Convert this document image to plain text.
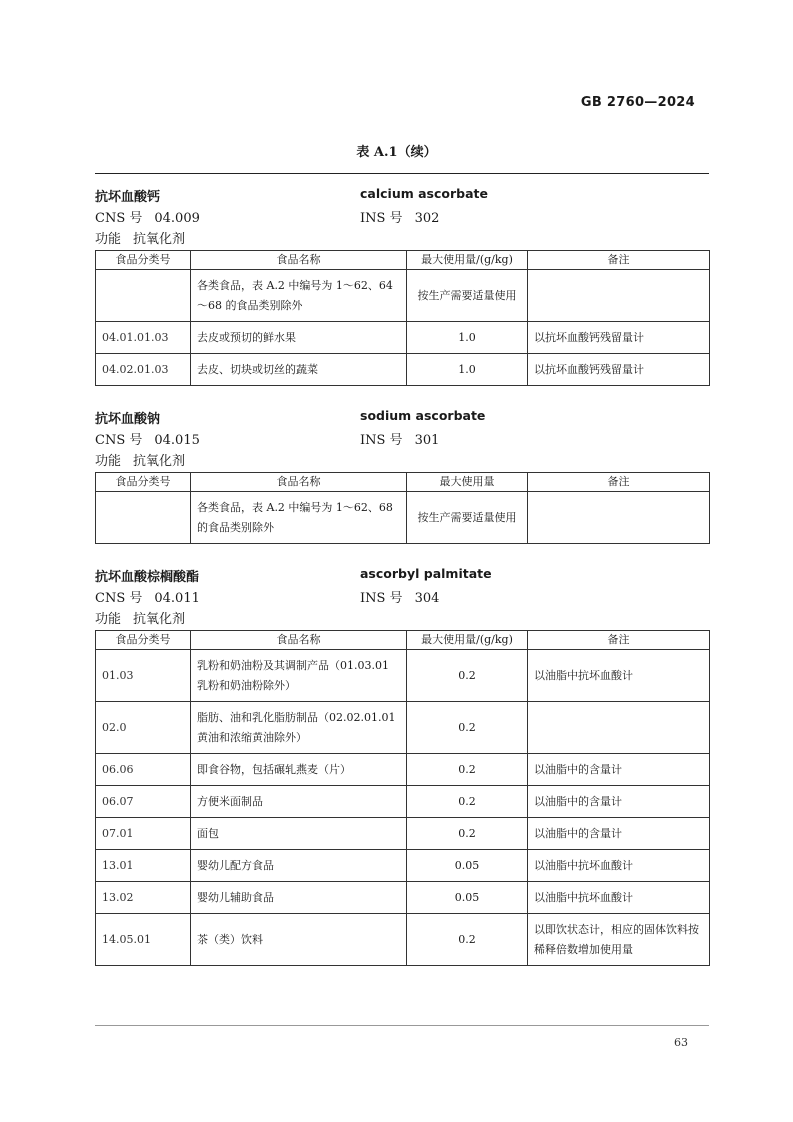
GB 2760—2024
表 A.1（续）
抗坏血酸钙	calcium ascorbate
CNS 号 04.009	INS 号 302
功能 抗氧化剂
食品分类号	食品名称	最大使用量/(g/kg)	备注
	各类食品，表 A.2 中编号为 1～62、64～68 的食品类别除外	按生产需要适量使用	
04.01.01.03	去皮或预切的鲜水果	1.0	以抗坏血酸钙残留量计
04.02.01.03	去皮、切块或切丝的蔬菜	1.0	以抗坏血酸钙残留量计
抗坏血酸钠	sodium ascorbate
CNS 号 04.015	INS 号 301
功能 抗氧化剂
食品分类号	食品名称	最大使用量	备注
	各类食品，表 A.2 中编号为 1～62、68 的食品类别除外	按生产需要适量使用	
抗坏血酸棕榈酸酯	ascorbyl palmitate
CNS 号 04.011	INS 号 304
功能 抗氧化剂
食品分类号	食品名称	最大使用量/(g/kg)	备注
01.03	乳粉和奶油粉及其调制产品（01.03.01 乳粉和奶油粉除外）	0.2	以油脂中抗坏血酸计
02.0	脂肪、油和乳化脂肪制品（02.02.01.01 黄油和浓缩黄油除外）	0.2	
06.06	即食谷物，包括碾轧燕麦（片）	0.2	以油脂中的含量计
06.07	方便米面制品	0.2	以油脂中的含量计
07.01	面包	0.2	以油脂中的含量计
13.01	婴幼儿配方食品	0.05	以油脂中抗坏血酸计
13.02	婴幼儿辅助食品	0.05	以油脂中抗坏血酸计
14.05.01	茶（类）饮料	0.2	以即饮状态计，相应的固体饮料按稀释倍数增加使用量
63
